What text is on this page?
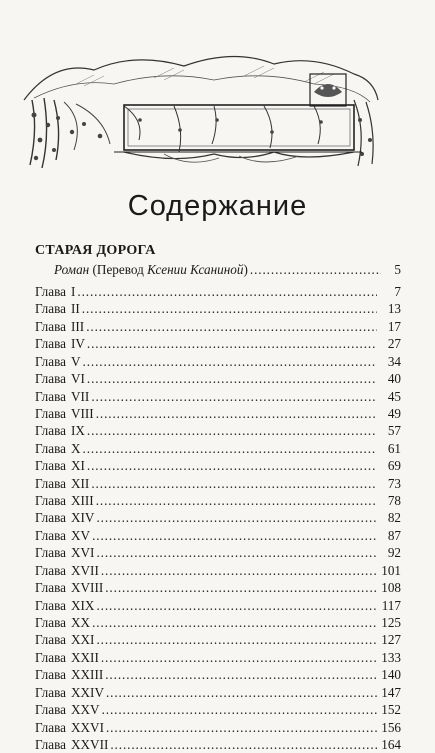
Содержание
СТАРАЯ ДОРОГА
Роман (Перевод Ксении Ксаниной) . . .	5
Глава I . . .	7
Глава II . . .	13
Глава III . . .	17
Глава IV . . .	27
Глава V . . .	34
Глава VI . . .	40
Глава VII . . .	45
Глава VIII . . .	49
Глава IX . . .	57
Глава X . . .	61
Глава XI . . .	69
Глава XII . . .	73
Глава XIII . . .	78
Глава XIV . . .	82
Глава XV . . .	87
Глава XVI . . .	92
Глава XVII . . .	101
Глава XVIII . . .	108
Глава XIX . . .	117
Глава XX . . .	125
Глава XXI . . .	127
Глава XXII . . .	133
Глава XXIII . . .	140
Глава XXIV . . .	147
Глава XXV . . .	152
Глава XXVI . . .	156
Глава XXVII . . .	164
